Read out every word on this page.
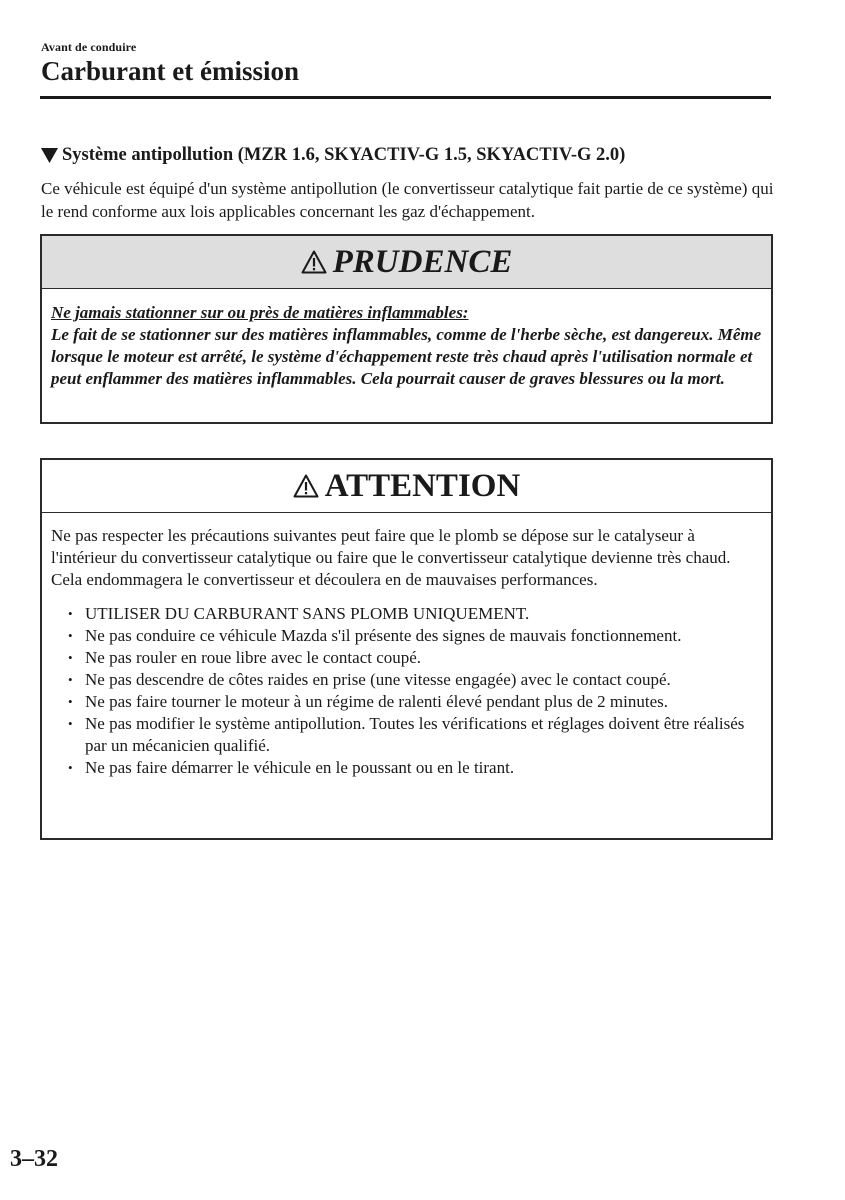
Avant de conduire
Carburant et émission
Système antipollution (MZR 1.6, SKYACTIV-G 1.5, SKYACTIV-G 2.0)

Ce véhicule est équipé d'un système antipollution (le convertisseur catalytique fait partie de ce système) qui le rend conforme aux lois applicables concernant les gaz d'échappement.

PRUDENCE
Ne jamais stationner sur ou près de matières inflammables:
Le fait de se stationner sur des matières inflammables, comme de l'herbe sèche, est dangereux. Même lorsque le moteur est arrêté, le système d'échappement reste très chaud après l'utilisation normale et peut enflammer des matières inflammables. Cela pourrait causer de graves blessures ou la mort.
ATTENTION

Ne pas respecter les précautions suivantes peut faire que le plomb se dépose sur le catalyseur à l'intérieur du convertisseur catalytique ou faire que le convertisseur catalytique devienne très chaud. Cela endommagera le convertisseur et découlera en de mauvaises performances.

• UTILISER DU CARBURANT SANS PLOMB UNIQUEMENT.
• Ne pas conduire ce véhicule Mazda s'il présente des signes de mauvais fonctionnement.
• Ne pas rouler en roue libre avec le contact coupé.
• Ne pas descendre de côtes raides en prise (une vitesse engagée) avec le contact coupé.
• Ne pas faire tourner le moteur à un régime de ralenti élevé pendant plus de 2 minutes.
• Ne pas modifier le système antipollution. Toutes les vérifications et réglages doivent être réalisés par un mécanicien qualifié.
• Ne pas faire démarrer le véhicule en le poussant ou en le tirant.
3–32
